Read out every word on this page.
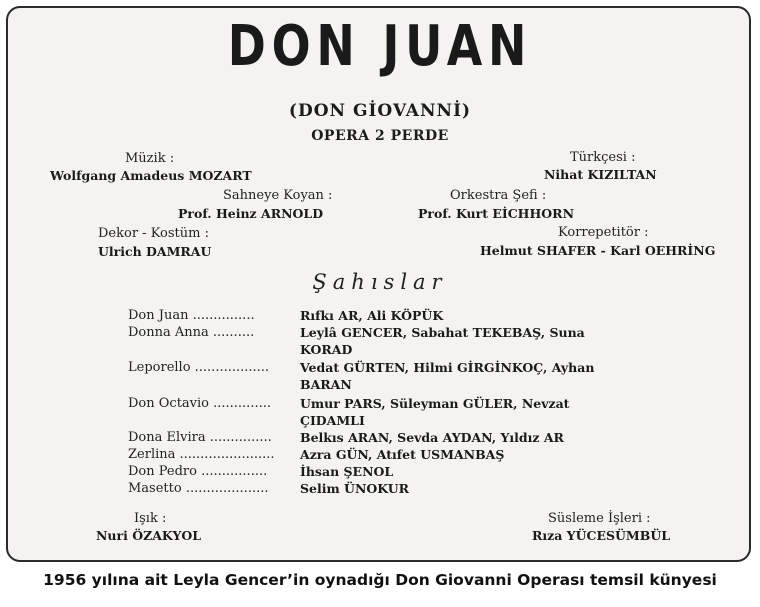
DON JUAN
(DON GİOVANNİ)
OPERA 2 PERDE
Müzik :
Wolfgang Amadeus MOZART
Türkçesi :
Nihat KIZILTAN
Sahneye Koyan :
Prof. Heinz ARNOLD
Orkestra Şefi :
Prof. Kurt EİCHHORN
Dekor - Kostüm :
Ulrich DAMRAU
Korrepetitör :
Helmut SHAFER - Karl OEHRİNG
Şahıslar
Don Juan ...............	Rıfkı AR, Ali KÖPÜK
Donna Anna ..........	Leylâ GENCER, Sabahat TEKEBAŞ, Suna
KORAD
Leporello .................. Vedat GÜRTEN, Hilmi GİRGİNKOÇ, Ayhan
BARAN
Don Octavio .............. Umur PARS, Süleyman GÜLER, Nevzat
ÇIDAMLI
Dona Elvira ............... Belkıs ARAN, Sevda AYDAN, Yıldız AR
Zerlina ....................... Azra GÜN, Atıfet USMANBAŞ
Don Pedro ................	İhsan ŞENOL
Masetto ....................	Selim ÜNOKUR
Işık :
Nuri ÖZAKYOL
Süsleme İşleri :
Rıza YÜCESÜMBÜL
1956 yılına ait Leyla Gencer’in oynadığı Don Giovanni Operası temsil künyesi
